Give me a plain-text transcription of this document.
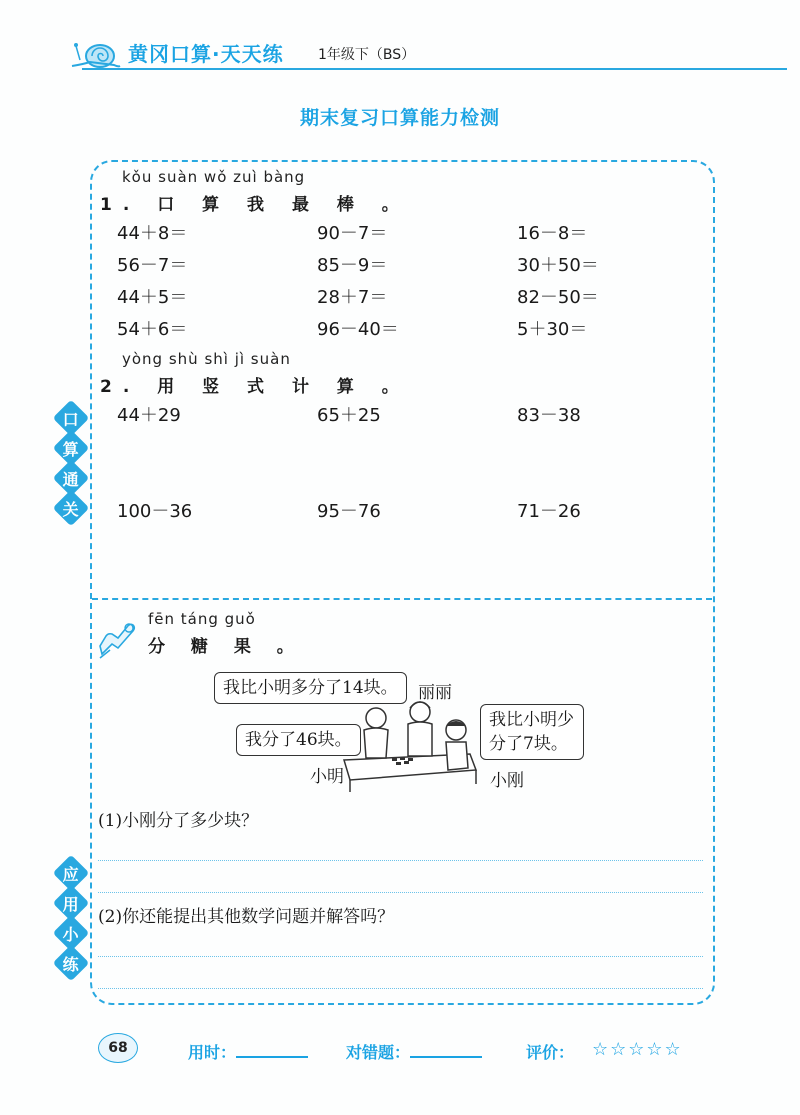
黄冈口算·天天练 1年级下（BS）
期末复习口算能力检测
口
算
通
关
应
用
小
练
kǒu suàn wǒ zuì bàng
1. 口 算 我 最 棒 。
44＋8＝	90－7＝	16－8＝
56－7＝	85－9＝	30＋50＝
44＋5＝	28＋7＝	82－50＝
54＋6＝	96－40＝	5＋30＝
yòng shù shì jì suàn
2. 用 竖 式 计 算 。
44＋29	65＋25	83－38
100－36	95－76	71－26
fēn táng guǒ
分 糖 果 。
我比小明多分了14块。	丽丽
我分了46块。
小明
我比小明少
分了7块。
小刚
(1)小刚分了多少块？
(2)你还能提出其他数学问题并解答吗？
68	用时：	对错题：	评价： ☆☆☆☆☆
